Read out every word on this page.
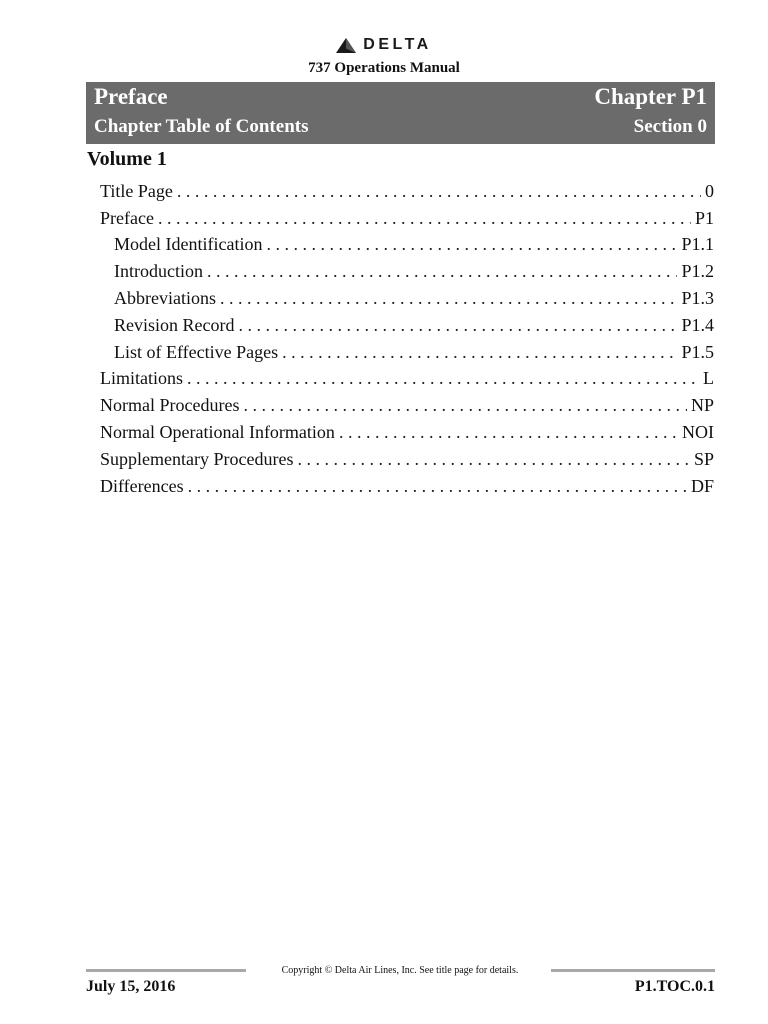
DELTA
737 Operations Manual
Preface	Chapter P1
Chapter Table of Contents	Section 0
Volume 1
Title Page . . .	0
Preface . . .	P1
Model Identification . . .	P1.1
Introduction . . .	P1.2
Abbreviations . . .	P1.3
Revision Record . . .	P1.4
List of Effective Pages . . .	P1.5
Limitations . . .	L
Normal Procedures . . .	NP
Normal Operational Information . . .	NOI
Supplementary Procedures . . .	SP
Differences . . .	DF
Copyright © Delta Air Lines, Inc. See title page for details.
July 15, 2016	P1.TOC.0.1
